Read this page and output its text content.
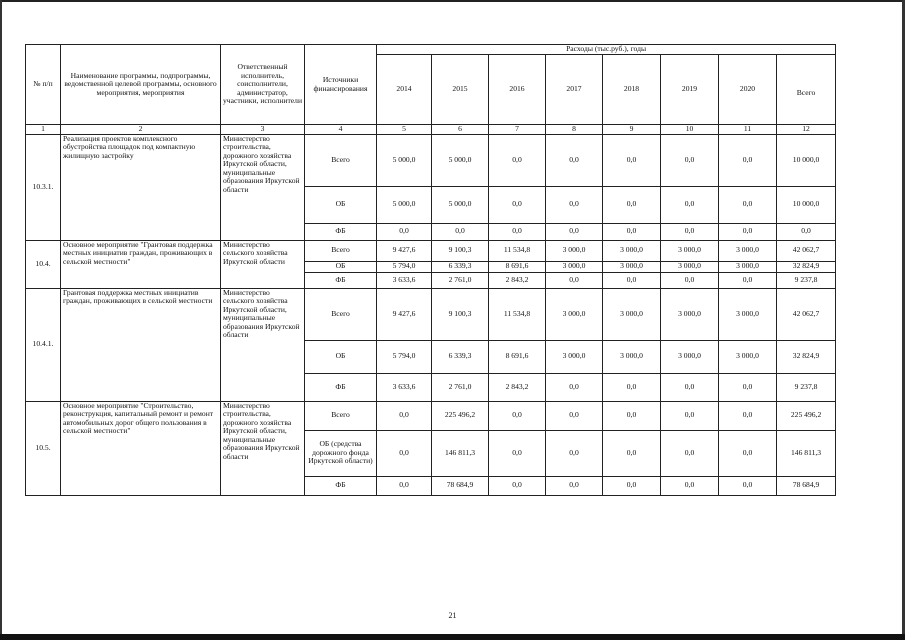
№ п/п	Наименование программы, подпрограммы, ведомственной целевой программы, основного мероприятия, мероприятия	Ответственный исполнитель, соисполнители, администратор, участники, исполнители	Источники финансирования	Расходы (тыс.руб.), годы							
				2014	2015	2016	2017	2018	2019	2020	Всего
1	2	3	4	5	6	7	8	9	10	11	12
10.3.1.	Реализация проектов комплексного обустройства площадок под компактную жилищную застройку	Министерство строительства, дорожного хозяйства Иркутской области, муниципальные образования Иркутской области	Всего	5 000,0	5 000,0	0,0	0,0	0,0	0,0	0,0	10 000,0
			ОБ	5 000,0	5 000,0	0,0	0,0	0,0	0,0	0,0	10 000,0
			ФБ	0,0	0,0	0,0	0,0	0,0	0,0	0,0	0,0
10.4.	Основное мероприятие "Грантовая поддержка местных инициатив граждан, проживающих в сельской местности"	Министерство сельского хозяйства Иркутской области	Всего	9 427,6	9 100,3	11 534,8	3 000,0	3 000,0	3 000,0	3 000,0	42 062,7
			ОБ	5 794,0	6 339,3	8 691,6	3 000,0	3 000,0	3 000,0	3 000,0	32 824,9
			ФБ	3 633,6	2 761,0	2 843,2	0,0	0,0	0,0	0,0	9 237,8
10.4.1.	Грантовая поддержка местных инициатив граждан, проживающих в сельской местности	Министерство сельского хозяйства Иркутской области, муниципальные образования Иркутской области	Всего	9 427,6	9 100,3	11 534,8	3 000,0	3 000,0	3 000,0	3 000,0	42 062,7
			ОБ	5 794,0	6 339,3	8 691,6	3 000,0	3 000,0	3 000,0	3 000,0	32 824,9
			ФБ	3 633,6	2 761,0	2 843,2	0,0	0,0	0,0	0,0	9 237,8
10.5.	Основное мероприятие "Строительство, реконструкция, капитальный ремонт и ремонт автомобильных дорог общего пользования в сельской местности"	Министерство строительства, дорожного хозяйства Иркутской области, муниципальные образования Иркутской области	Всего	0,0	225 496,2	0,0	0,0	0,0	0,0	0,0	225 496,2
			ОБ (средства дорожного фонда Иркутской области)	0,0	146 811,3	0,0	0,0	0,0	0,0	0,0	146 811,3
			ФБ	0,0	78 684,9	0,0	0,0	0,0	0,0	0,0	78 684,9
21
